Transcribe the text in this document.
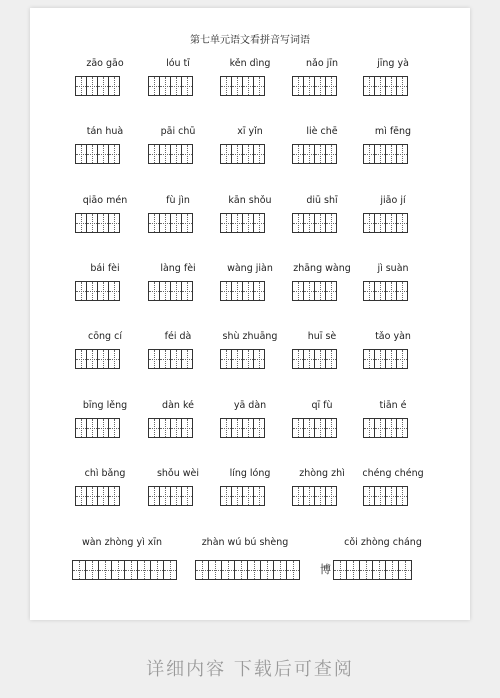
第七单元语文看拼音写词语
zāo gāo	lóu tī	kěn dìng	nǎo jīn	jīng yà
tán huà	pāi chū	xī yǐn	liè chē	mì fēng
qiāo mén	fù jìn	kān shǒu	diū shī	jiāo jí
bái fèi	làng fèi	wàng jiàn	zhāng wàng	jì suàn
cōng cí	féi dà	shù zhuāng	huī sè	tǎo yàn
bīng lěng	dàn ké	yā dàn	qī fù	tiān é
chì bǎng	shǒu wèi	líng lóng	zhòng zhì	chéng chéng
wàn zhòng yì xīn	zhàn wú bú shèng	cǒi zhòng cháng
博
详细内容 下载后可查阅
